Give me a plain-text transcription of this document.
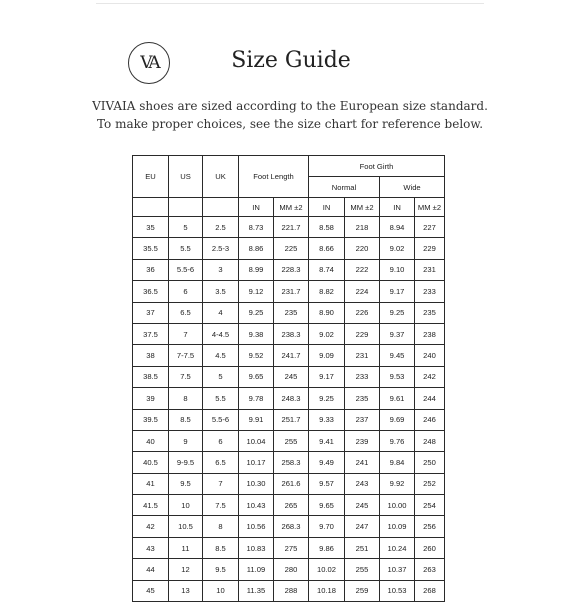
VA	Size Guide
VIVAIA shoes are sized according to the European size standard.
To make proper choices, see the size chart for reference below.
EU	US	UK	Foot Length		Foot Girth			
					Normal		Wide	
			IN	MM ±2	IN	MM ±2	IN	MM ±2
35	5	2.5	8.73	221.7	8.58	218	8.94	227
35.5	5.5	2.5-3	8.86	225	8.66	220	9.02	229
36	5.5-6	3	8.99	228.3	8.74	222	9.10	231
36.5	6	3.5	9.12	231.7	8.82	224	9.17	233
37	6.5	4	9.25	235	8.90	226	9.25	235
37.5	7	4-4.5	9.38	238.3	9.02	229	9.37	238
38	7-7.5	4.5	9.52	241.7	9.09	231	9.45	240
38.5	7.5	5	9.65	245	9.17	233	9.53	242
39	8	5.5	9.78	248.3	9.25	235	9.61	244
39.5	8.5	5.5-6	9.91	251.7	9.33	237	9.69	246
40	9	6	10.04	255	9.41	239	9.76	248
40.5	9-9.5	6.5	10.17	258.3	9.49	241	9.84	250
41	9.5	7	10.30	261.6	9.57	243	9.92	252
41.5	10	7.5	10.43	265	9.65	245	10.00	254
42	10.5	8	10.56	268.3	9.70	247	10.09	256
43	11	8.5	10.83	275	9.86	251	10.24	260
44	12	9.5	11.09	280	10.02	255	10.37	263
45	13	10	11.35	288	10.18	259	10.53	268
